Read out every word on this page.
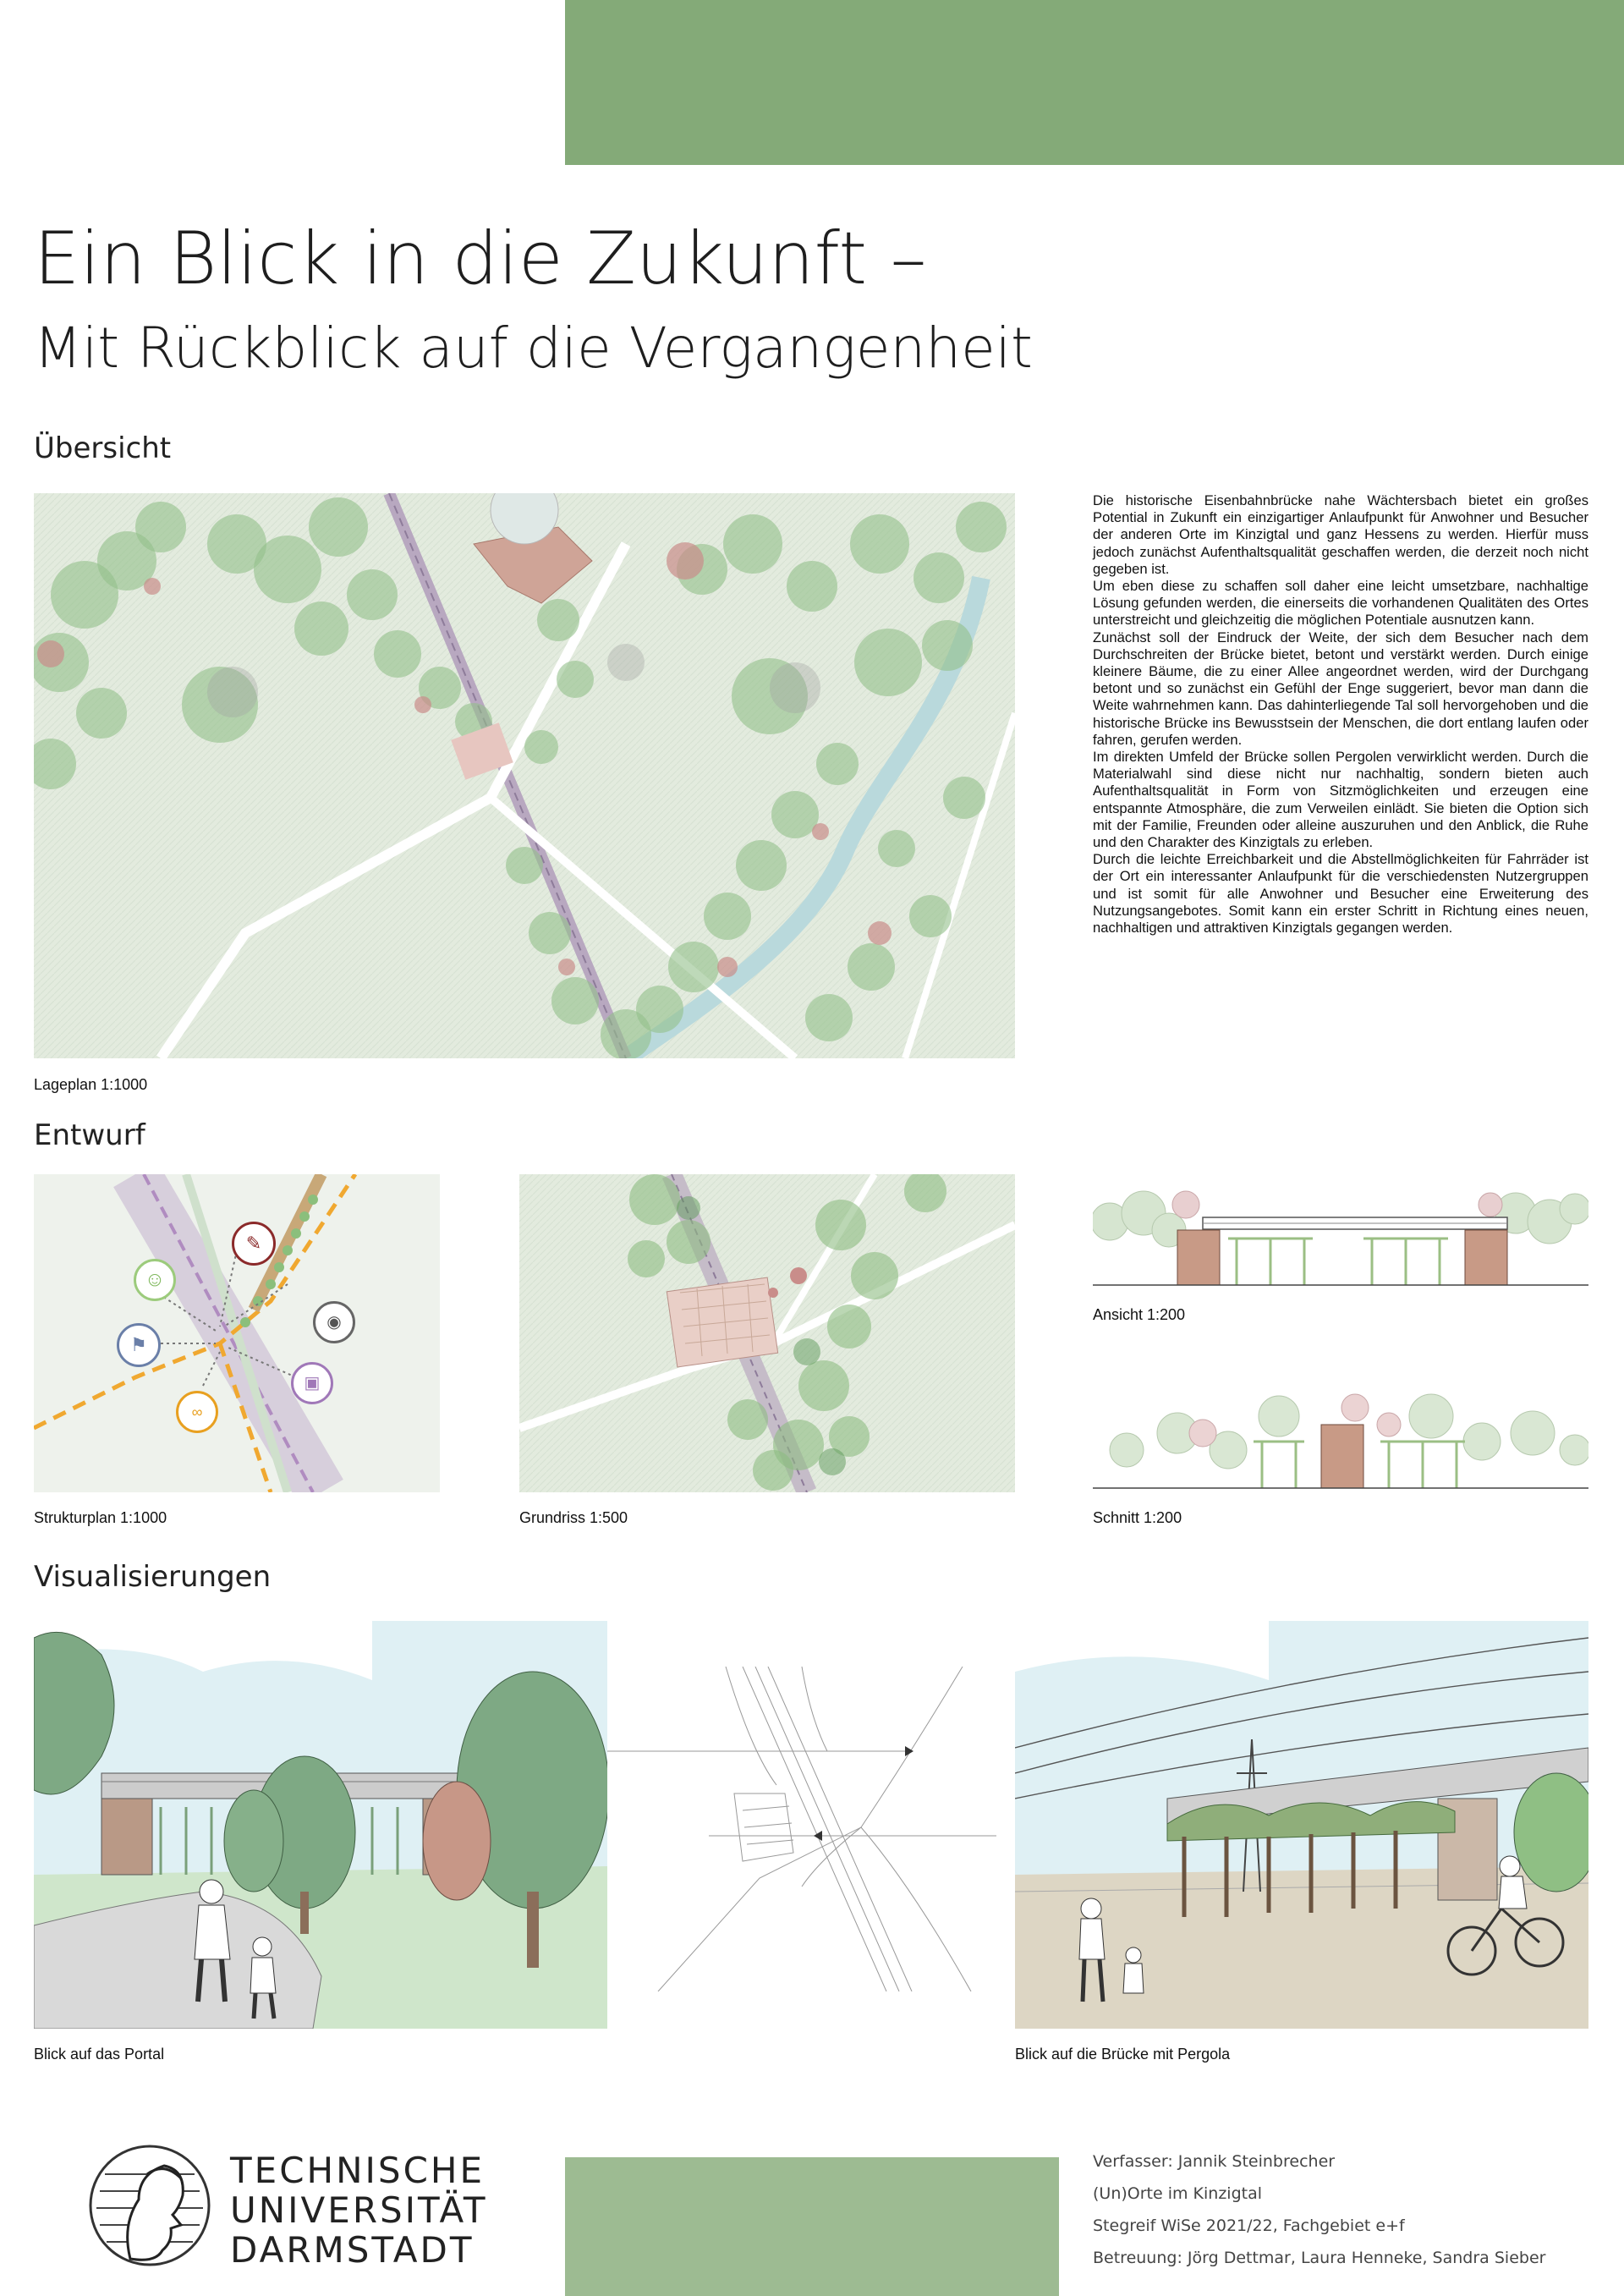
Ein Blick in die Zukunft –
Mit Rückblick auf die Vergangenheit
Übersicht
Lageplan 1:1000

Die historische Eisenbahnbrücke nahe Wächtersbach bietet ein großes Potential in Zukunft ein einzigartiger Anlaufpunkt für Anwohner und Besucher der anderen Orte im Kinzigtal und ganz Hessens zu werden. Hierfür muss jedoch zunächst Aufenthaltsqualität geschaffen werden, die derzeit noch nicht gegeben ist.

Um eben diese zu schaffen soll daher eine leicht umsetzbare, nachhaltige Lösung gefunden werden, die einerseits die vorhandenen Qualitäten des Ortes unterstreicht und gleichzeitig die möglichen Potentiale ausnutzen kann.

Zunächst soll der Eindruck der Weite, der sich dem Besucher nach dem Durchschreiten der Brücke bietet, betont und verstärkt werden. Durch einige kleinere Bäume, die zu einer Allee angeordnet werden, wird der Durchgang betont und so zunächst ein Gefühl der Enge suggeriert, bevor man dann die Weite wahrnehmen kann. Das dahinterliegende Tal soll hervorgehoben und die historische Brücke ins Bewusstsein der Menschen, die dort entlang laufen oder fahren, gerufen werden.

Im direkten Umfeld der Brücke sollen Pergolen verwirklicht werden. Durch die Materialwahl sind diese nicht nur nachhaltig, sondern bieten auch Aufenthaltsqualität in Form von Sitzmöglichkeiten und erzeugen eine entspannte Atmosphäre, die zum Verweilen einlädt. Sie bieten die Option sich mit der Familie, Freunden oder alleine auszuruhen und den Anblick, die Ruhe und den Charakter des Kinzigtals zu erleben.

Durch die leichte Erreichbarkeit und die Abstellmöglichkeiten für Fahrräder ist der Ort ein interessanter Anlaufpunkt für die verschiedensten Nutzergruppen und ist somit für alle Anwohner und Besucher eine Erweiterung des Nutzungsangebotes. Somit kann ein erster Schritt in Richtung eines neuen, nachhaltigen und attraktiven Kinzigtals gegangen werden.

Entwurf
☺
✎
⚑
◉
▣
∞
Strukturplan 1:1000	Grundriss 1:500
Ansicht 1:200
Schnitt 1:200
Visualisierungen
Blick auf das Portal	Blick auf die Brücke mit Pergola
TECHNISCHE
UNIVERSITÄT
DARMSTADT
Verfasser: Jannik Steinbrecher
(Un)Orte im Kinzigtal
Stegreif WiSe 2021/22, Fachgebiet e+f
Betreuung: Jörg Dettmar, Laura Henneke, Sandra Sieber
